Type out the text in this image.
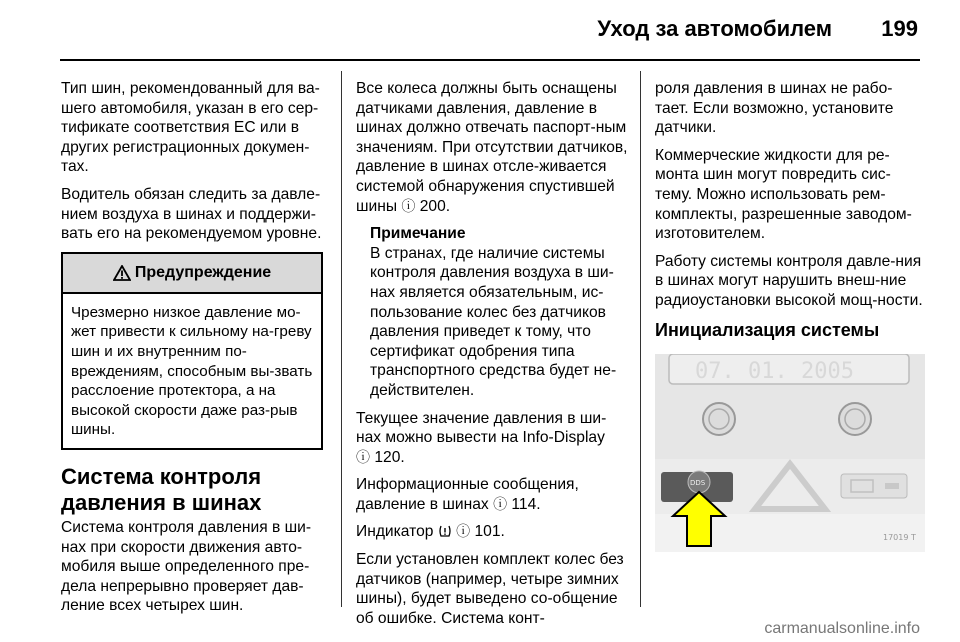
Уход за автомобилем 199

Тип шин, рекомендованный для ва-шего автомобиля, указан в его сер-тификате соответствия ЕС или в других регистрационных докумен-тах.

Водитель обязан следить за давле-нием воздуха в шинах и поддержи-вать его на рекомендуемом уровне.

Предупреждение
Чрезмерно низкое давление мо-жет привести к сильному на-греву шин и их внутренним по-вреждениям, способным вы-звать расслоение протектора, а на высокой скорости даже раз-рыв шины.
Система контроля давления в шинах

Система контроля давления в ши-нах при скорости движения авто-мобиля выше определенного пре-дела непрерывно проверяет дав-ление всех четырех шин.

Все колеса должны быть оснащены датчиками давления, давление в шинах должно отвечать паспорт-ным значениям. При отсутствии датчиков, давление в шинах отсле-живается системой обнаружения спустившей шины ⓘ 200.

Примечание
В странах, где наличие системы контроля давления воздуха в ши-нах является обязательным, ис-пользование колес без датчиков давления приведет к тому, что сертификат одобрения типа транспортного средства будет не-действителен.

Текущее значение давления в ши-нах можно вывести на Info-Display
ⓘ 120.

Информационные сообщения, давление в шинах ⓘ 114.

Индикатор ⓘ 101.

Если установлен комплект колес без датчиков (например, четыре зимних шины), будет выведено со-общение об ошибке. Система конт-

роля давления в шинах не рабо-тает. Если возможно, установите датчики.

Коммерческие жидкости для ре-монта шин могут повредить сис-тему. Можно использовать рем-комплекты, разрешенные заводом-изготовителем.

Работу системы контроля давле-ния в шинах могут нарушить внеш-ние радиоустановки высокой мощ-ности.

Инициализация системы
07. 01. 2005
DDS
17019 T
carmanualsonline.info
